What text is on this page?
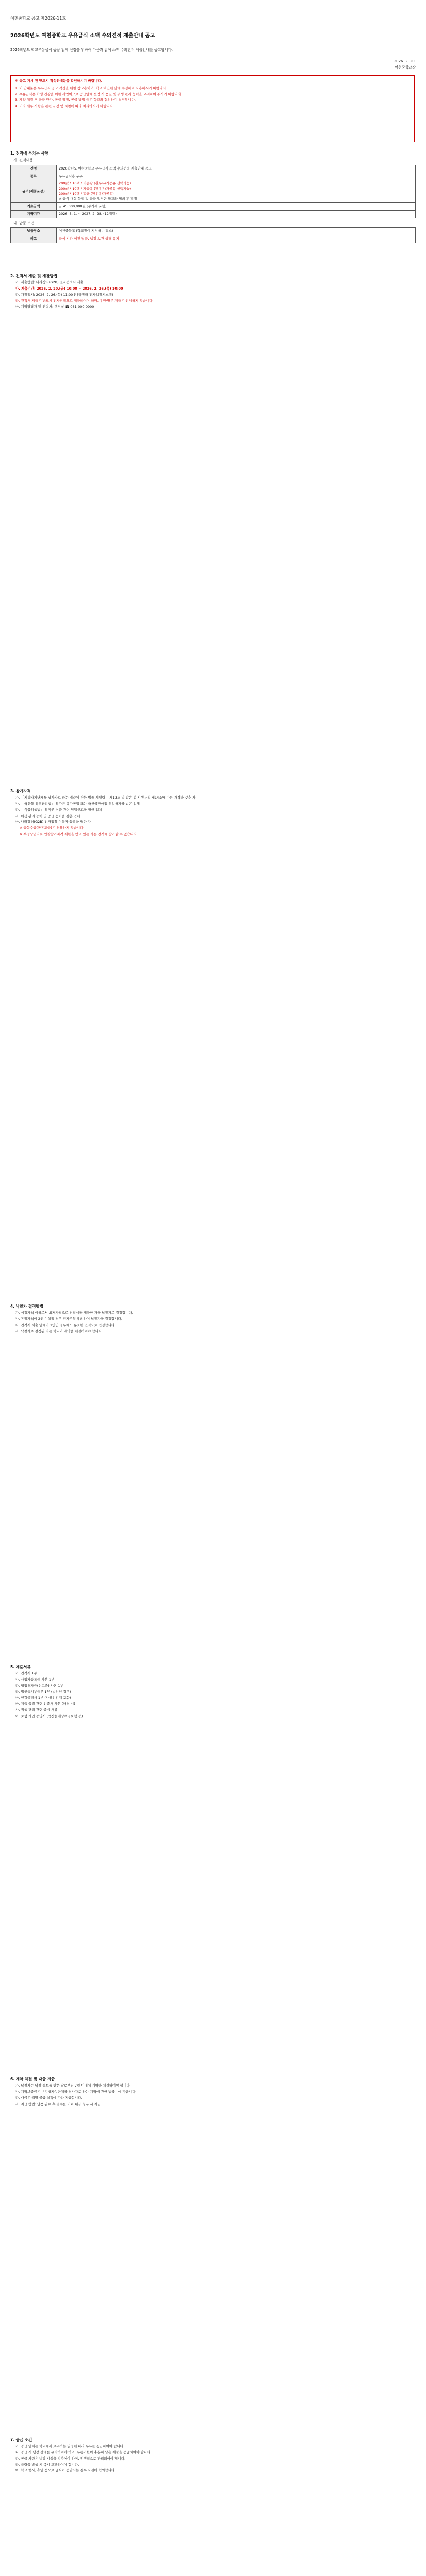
여천중학교 공고 제2026-11호
2026학년도 여천중학교 우유급식 소액 수의견적 제출안내 공고
2026학년도 학교우유급식 공급 업체 선정을 위하여 다음과 같이 소액 수의견적 제출안내를 공고합니다.
2026. 2. 20.
여천중학교장
※ 공고 게시 전 반드시 작성안내문을 확인하시기 바랍니다.

1. 이 안내문은 우유급식 공고 작성을 위한 참고용이며, 학교 여건에 맞게 수정하여 사용하시기 바랍니다.

2. 우유급식은 학생 건강을 위한 사업이므로 공급업체 선정 시 품질 및 위생 관리 능력을 고려하여 주시기 바랍니다.

3. 계약 체결 후 공급 단가, 공급 일정, 공급 방법 등은 학교와 협의하여 결정합니다.

4. 기타 세부 사항은 관련 규정 및 지침에 따라 처리하시기 바랍니다.

1. 견적에 부치는 사항
가. 견적내용
건명	2026학년도 여천중학교 우유급식 소액 수의견적 제출안내 공고
품목	우유급식용 우유
규격(제품포장)	200㎖ * 10팩 / 기준량 (흰우유/가공유 선택가능)
200㎖ * 10팩 / 가공유 (흰우유/가공유 선택가능)
200㎖ * 10팩 / 멸균 (흰우유/가공유)
※ 급식 대상 학생 및 공급 일정은 학교와 협의 후 확정

기초금액	금 45,000,000원 (부가세 포함)
계약기간	2026. 3. 1. ~ 2027. 2. 28. (12개월)
나. 납품 조건
납품장소	여천중학교 (학교장이 지정하는 장소)
비고	급식 시간 이전 납품, 냉장 보관 상태 유지
2. 견적서 제출 및 개찰방법
가. 제출방법: 나라장터(G2B) 전자견적서 제출
나. 제출기간: 2026. 2. 20.(금) 10:00 ~ 2026. 2. 26.(목) 10:00
다. 개찰일시: 2026. 2. 26.(목) 11:00 (나라장터 전자입찰시스템)
라. 견적서 제출은 반드시 전자견적으로 제출하여야 하며, 우편·방문 제출은 인정하지 않습니다.
마. 계약담당자 및 연락처: 행정실 ☎ 061-000-0000
3. 참가자격
가. 「지방자치단체를 당사자로 하는 계약에 관한 법률 시행령」 제13조 및 같은 법 시행규칙 제14조에 따른 자격을 갖춘 자
나. 「축산물 위생관리법」에 따른 유가공업 또는 축산물판매업 영업허가를 받은 업체
다. 「식품위생법」에 따른 식품 관련 영업신고를 필한 업체
라. 위생 관리 능력 및 공급 능력을 갖춘 업체
마. 나라장터(G2B) 전자입찰 이용자 등록을 필한 자
※ 공동수급(공동도급)은 허용하지 않습니다.
※ 부정당업자로 입찰참가자격 제한을 받고 있는 자는 견적에 참가할 수 없습니다.
4. 낙찰자 결정방법
가. 예정가격 이하로서 최저가격으로 견적서를 제출한 자를 낙찰자로 결정합니다.
나. 동일가격이 2인 이상일 경우 전자추첨에 의하여 낙찰자를 결정합니다.
다. 견적서 제출 업체가 1인인 경우에도 유효한 견적으로 인정합니다.
라. 낙찰자로 결정된 자는 학교와 계약을 체결하여야 합니다.
5. 제출서류
가. 견적서 1부
나. 사업자등록증 사본 1부
다. 영업허가증(신고증) 사본 1부
라. 법인등기부등본 1부 (법인인 경우)
마. 인감증명서 1부 (사용인감계 포함)
바. 제품 품질 관련 인증서 사본 (해당 시)
사. 위생 관리 관련 증빙 서류
아. 보험 가입 증명서 (생산물배상책임보험 등)
6. 계약 체결 및 대금 지급
가. 낙찰자는 낙찰 통보를 받은 날로부터 7일 이내에 계약을 체결하여야 합니다.
나. 계약보증금은 「지방자치단체를 당사자로 하는 계약에 관한 법률」에 따릅니다.
다. 대금은 월별 공급 실적에 따라 지급합니다.
라. 지급 방법: 납품 완료 후 검수를 거쳐 대금 청구 시 지급
7. 공급 조건
가. 공급 업체는 학교에서 요구하는 일정에 따라 우유를 공급하여야 합니다.
나. 공급 시 냉장 상태를 유지하여야 하며, 유통기한이 충분히 남은 제품을 공급하여야 합니다.
다. 공급 차량은 냉장 시설을 갖추어야 하며, 위생적으로 관리되어야 합니다.
라. 불량품 발생 시 즉시 교환하여야 합니다.
마. 학교 행사, 휴업 등으로 급식이 중단되는 경우 사전에 협의합니다.
